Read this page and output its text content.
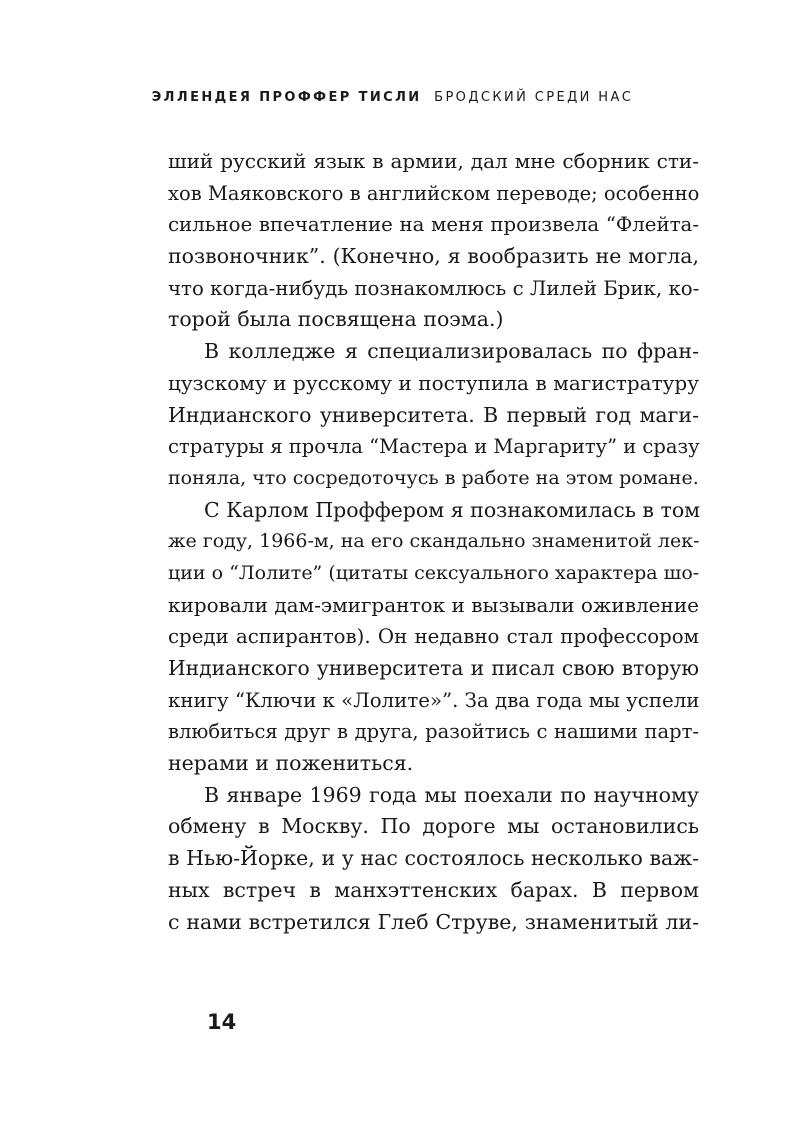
ЭЛЛЕНДЕЯ ПРОФФЕР ТИСЛИ БРОДСКИЙ СРЕДИ НАС
ший русский язык в армии, дал мне сборник сти-
хов Маяковского в английском переводе; особенно
сильное впечатление на меня произвела “Флейта-
позвоночник”. (Конечно, я вообразить не могла,
что когда-нибудь познакомлюсь с Лилей Брик, ко-
торой была посвящена поэма.)
В колледже я специализировалась по фран-
цузскому и русскому и поступила в магистратуру
Индианского университета. В первый год маги-
стратуры я прочла “Мастера и Маргариту” и сразу
поняла, что сосредоточусь в работе на этом романе.
С Карлом Проффером я познакомилась в том
же году, 1966-м, на его скандально знаменитой лек-
ции о “Лолите” (цитаты сексуального характера шо-
кировали дам-эмигранток и вызывали оживление
среди аспирантов). Он недавно стал профессором
Индианского университета и писал свою вторую
книгу “Ключи к «Лолите»”. За два года мы успели
влюбиться друг в друга, разойтись с нашими парт-
нерами и пожениться.
В январе 1969 года мы поехали по научному
обмену в Москву. По дороге мы остановились
в Нью-Йорке, и у нас состоялось несколько важ-
ных встреч в манхэттенских барах. В первом
с нами встретился Глеб Струве, знаменитый ли-
14
